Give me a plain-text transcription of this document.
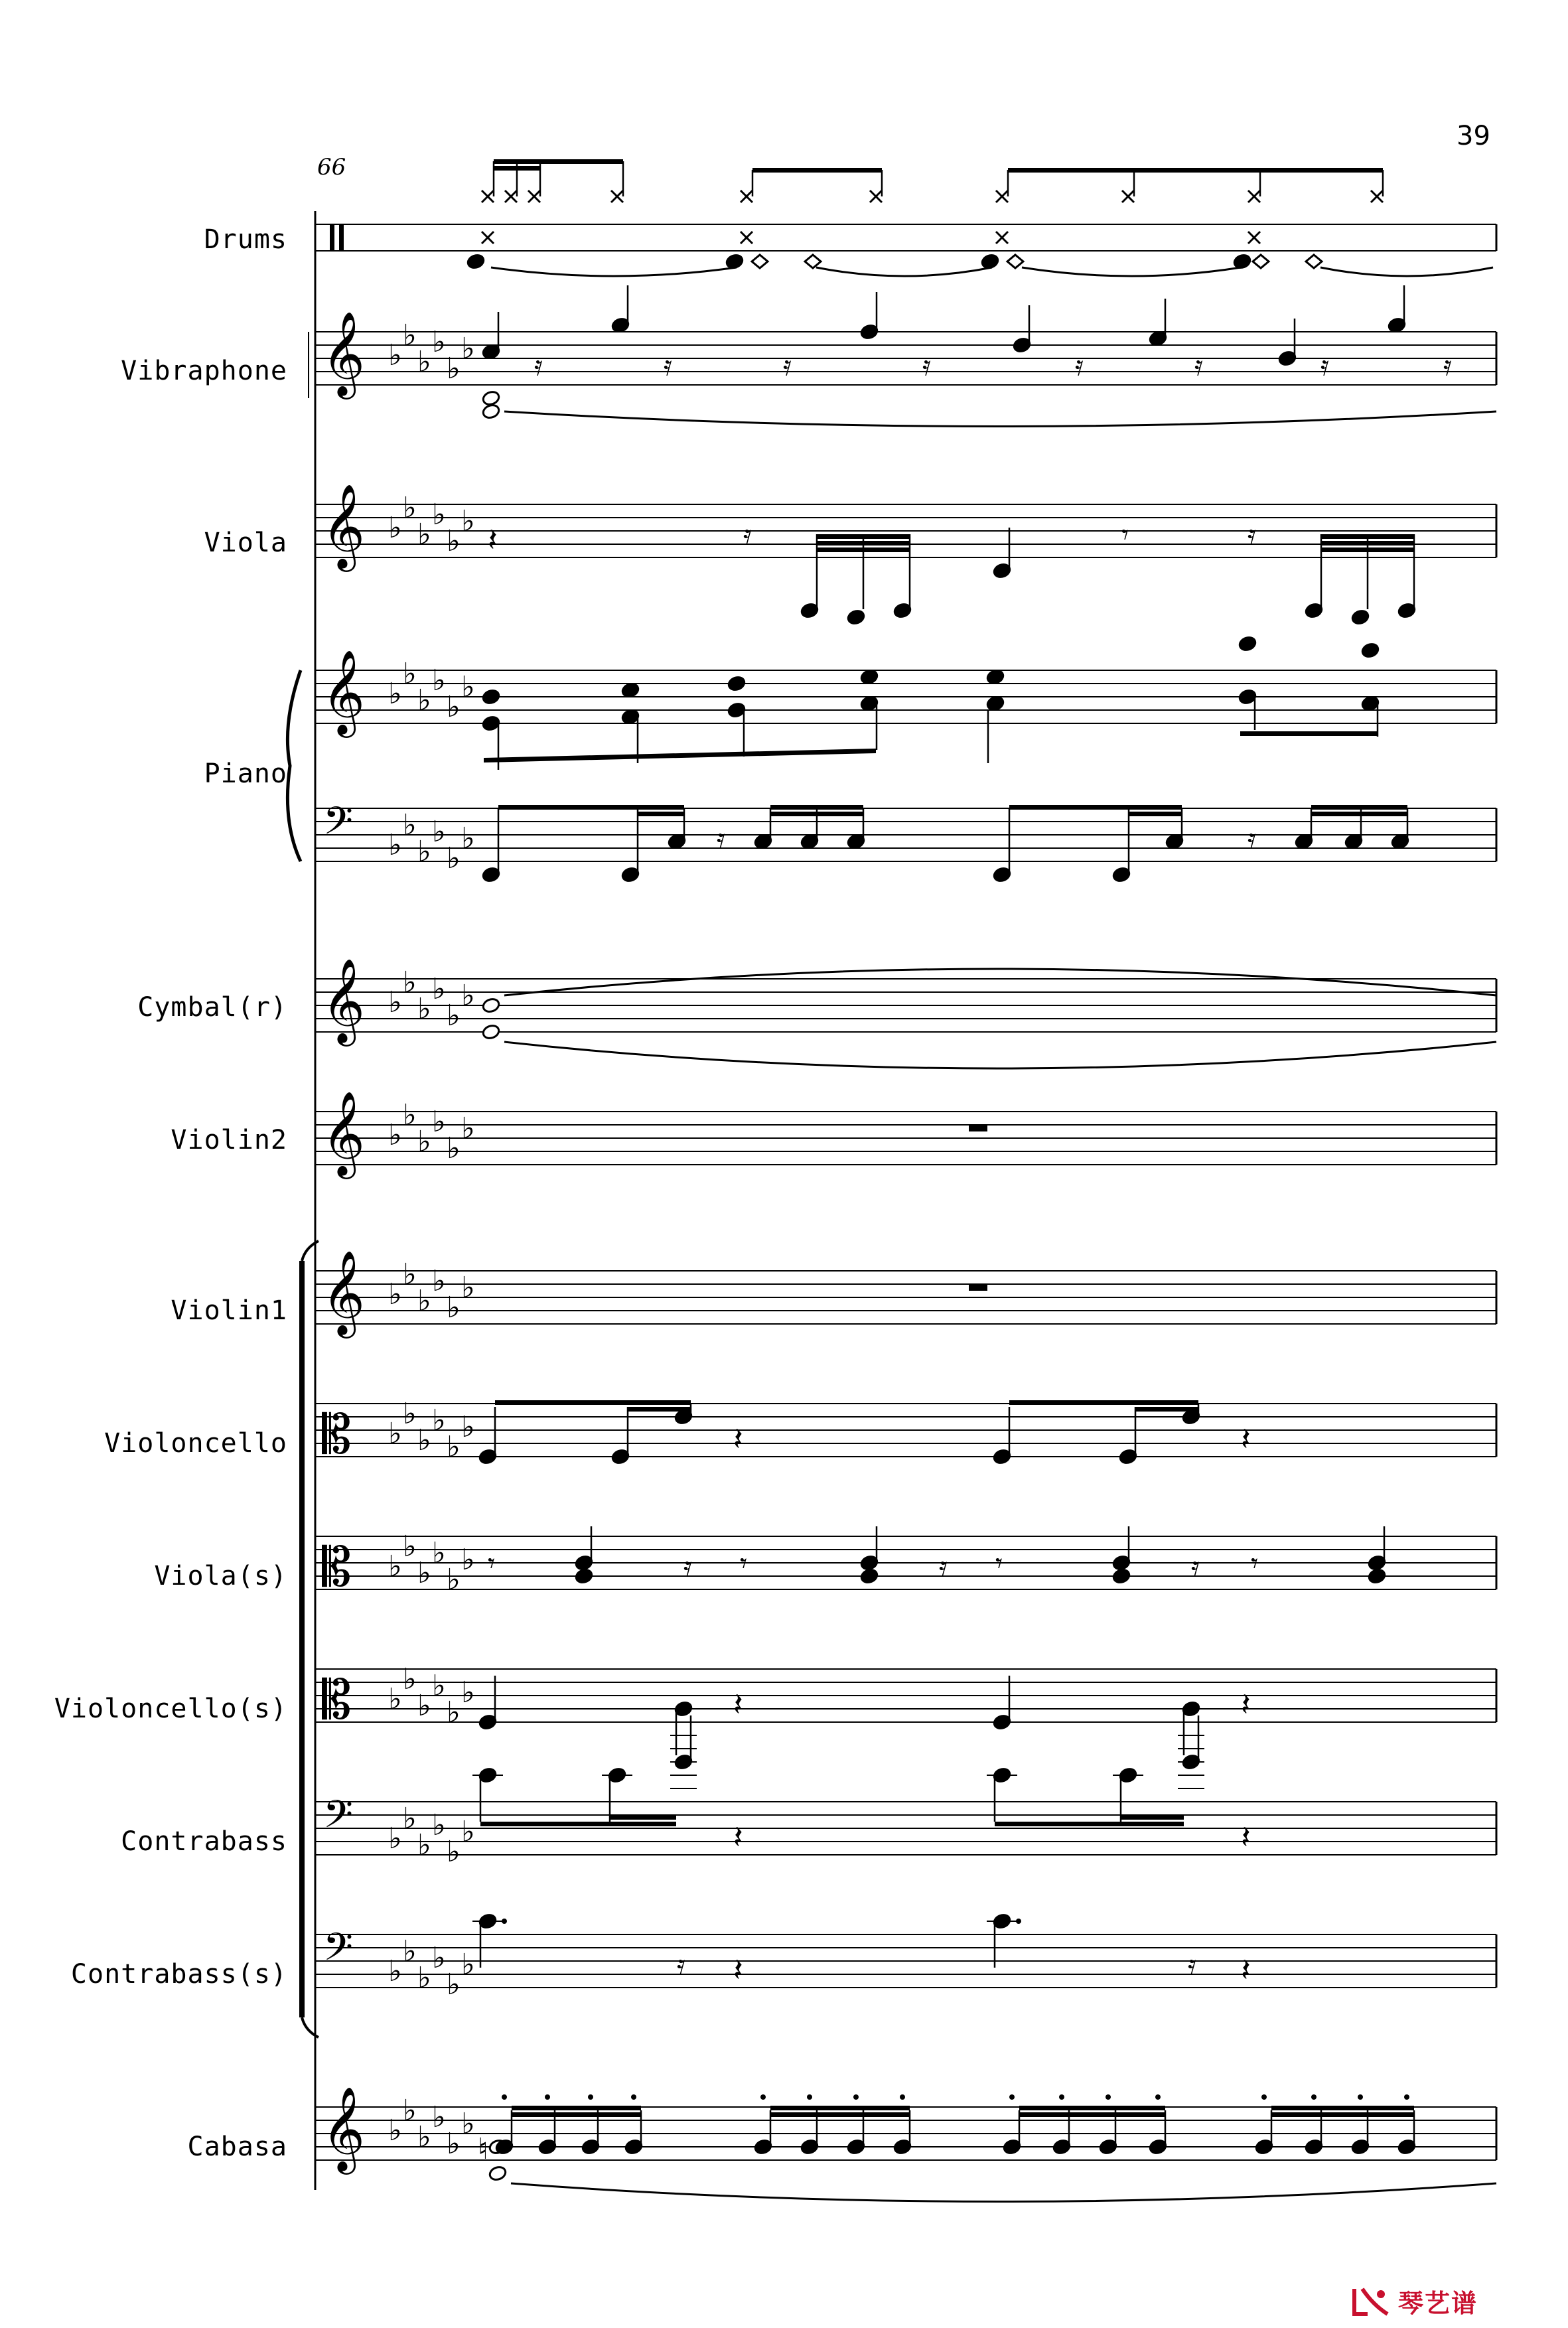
39
66
Drums
Vibraphone
Viola
Piano
Cymbal(r)
Violin2
Violin1
Violoncello
Viola(s)
Violoncello(s)
Contrabass
Contrabass(s)
Cabasa
𝄞 ♭
♭
♭
♭
♭
♭ 𝄿	𝄿	𝄿	𝄿	𝄿	𝄿	𝄿	𝄿
𝄞 ♭
♭
♭
♭
♭
♭
𝄽	𝄿	𝄾	𝄿
𝄞 ♭
♭
♭
♭
♭
♭
𝄢 ♭
♭
♭
♭
♭
♭	𝄿	𝄿
𝄞 ♭
♭
♭
♭
♭
♭
𝄞 ♭
♭
♭
♭
♭
♭
𝄞 ♭
♭
♭
♭
♭
♭
𝄡 ♭
♭
♭
♭
♭
♭	𝄽	𝄽
𝄡 ♭
♭
♭
♭
♭
♭ 𝄾	𝄿 𝄾	𝄿 𝄾	𝄿 𝄾
𝄡 ♭
♭
♭
♭
♭
♭	𝄽	𝄽
𝄢 ♭
♭
♭
♭
♭
♭	𝄽	𝄽
𝄢 ♭
♭
♭
♭
♭
♭	𝄿 𝄽	𝄿 𝄽
𝄞 ♭
♭
♭
♭
♭
♭
♮
琴艺谱
